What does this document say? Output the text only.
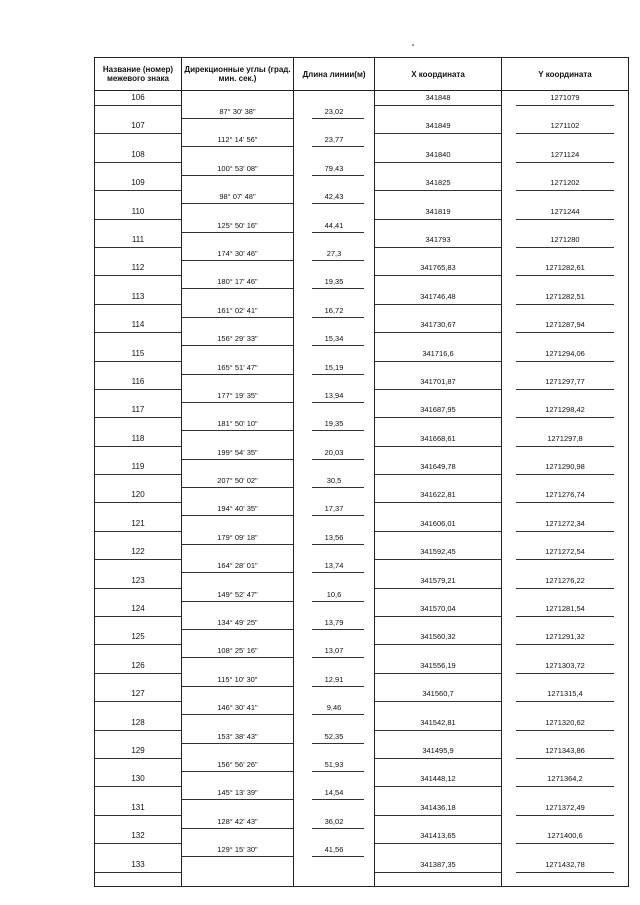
Название (номер) межевого знака	Дирекционные углы (град. мин. сек.)	Длина линии(м)	X координата	Y координата

106	87° 30' 38"	23,02	341848	1271079

107	112° 14' 56"	23,77	341849	1271102

108	100° 53' 08"	79,43	341840	1271124

109	98° 07' 48"	42,43	341825	1271202

110	125° 50' 16"	44,41	341819	1271244

111	174° 30' 46"	27,3	341793	1271280

112	180° 17' 46"	19,35	341765,83	1271282,61

113	161° 02' 41"	16,72	341746,48	1271282,51

114	156° 29' 33"	15,34	341730,67	1271287,94

115	165° 51' 47"	15,19	341716,6	1271294,06

116	177° 19' 35"	13,94	341701,87	1271297,77

117	181° 50' 10"	19,35	341687,95	1271298,42

118	199° 54' 35"	20,03	341668,61	1271297,8

119	207° 50' 02"	30,5	341649,78	1271290,98

120	194° 40' 35"	17,37	341622,81	1271276,74

121	179° 09' 18"	13,56	341606,01	1271272,34

122	164° 28' 01"	13,74	341592,45	1271272,54

123	149° 52' 47"	10,6	341579,21	1271276,22

124	134° 49' 25"	13,79	341570,04	1271281,54

125	108° 25' 16"	13,07	341560,32	1271291,32

126	115° 10' 30"	12,91	341556,19	1271303,72

127	146° 30' 41"	9,46	341560,7	1271315,4

128	153° 38' 43"	52,35	341542,81	1271320,62

129	156° 56' 26"	51,93	341495,9	1271343,86

130	145° 13' 39"	14,54	341448,12	1271364,2

131	128° 42' 43"	36,02	341436,18	1271372,49

132	129° 15' 30"	41,56	341413,65	1271400,6

133			341387,35	1271432,78
